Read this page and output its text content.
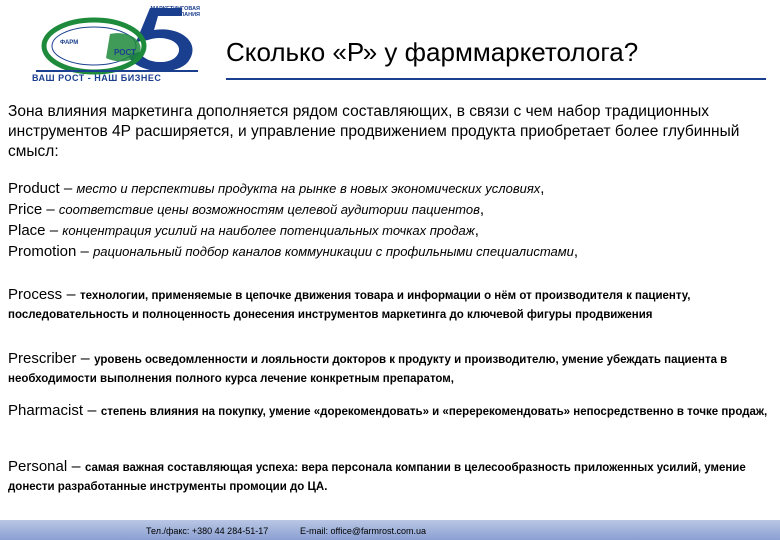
МАРКЕТИНГОВАЯ КОМПАНИЯ
ФАРМ
РОСТ
ВАШ РОСТ - НАШ БИЗНЕС
Сколько «Р» у фарммаркетолога?

Зона влияния маркетинга дополняется рядом составляющих, в связи с чем набор традиционных инструментов 4Р расширяется, и управление продвижением продукта приобретает более глубинный смысл:

Product – место и перспективы продукта на рынке в новых экономических условиях,
Price – соответствие цены возможностям целевой аудитории пациентов,
Place – концентрация усилий на наиболее потенциальных точках продаж,
Promotion – рациональный подбор каналов коммуникации с профильными специалистами,
Process – технологии, применяемые в цепочке движения товара и информации о нём от производителя к пациенту, последовательность и полноценность донесения инструментов маркетинга до ключевой фигуры продвижения
Prescriber – уровень осведомленности и лояльности докторов к продукту и производителю, умение убеждать пациента в необходимости выполнения полного курса лечение конкретным препаратом,
Pharmacist – степень влияния на покупку, умение «дорекомендовать» и «перерекомендовать» непосредственно в точке продаж,
Personal – самая важная составляющая успеха: вера персонала компании в целесообразность приложенных усилий, умение донести разработанные инструменты промоции до ЦА.
Тел./факс: +380 44 284-51-17	E-mail: office@farmrost.com.ua
